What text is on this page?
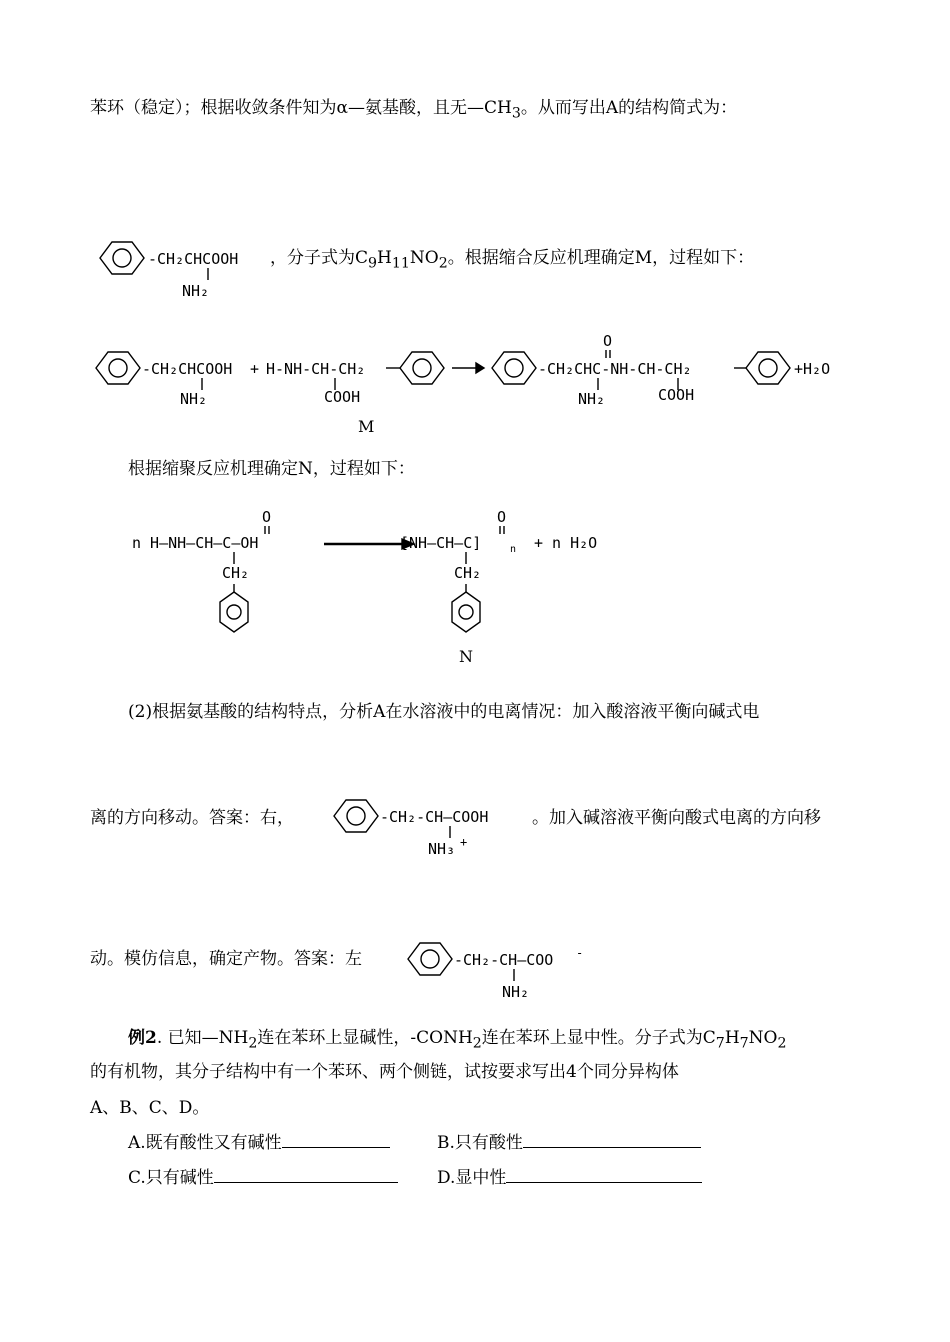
苯环（稳定）；根据收敛条件知为α—氨基酸，且无$—CH_3$。从而写出A的结构简式为：
-CH₂CHCOOH
NH₂
，分子式为$C_9H_{11}NO_2$。根据缩合反应机理确定M，过程如下：
-CH₂CHCOOH
NH₂
+ H-NH-CH-CH₂
COOH
-CH₂CHC-NH-CH-CH₂
O
NH₂	COOH
+H₂O
M
根据缩聚反应机理确定N，过程如下：
n H—NH—CH—C—OH
O
CH₂
[NH—CH—C]	n + n H₂O
O
CH₂
N
(2)根据氨基酸的结构特点，分析A在水溶液中的电离情况：加入酸溶液平衡向碱式电
离的方向移动。答案：右，	-CH₂-CH—COOH
NH₃ +
。加入碱溶液平衡向酸式电离的方向移
动。模仿信息，确定产物。答案：左	-CH₂-CH—COO -
NH₂
例2. 已知$—NH_2$连在苯环上显碱性，$-CONH_2$连在苯环上显中性。分子式为$C_7H_7NO_2$
的有机物，其分子结构中有一个苯环、两个侧链，试按要求写出4个同分异构体
A、B、C、D。
A.既有酸性又有碱性	B.只有酸性
C.只有碱性	D.显中性
